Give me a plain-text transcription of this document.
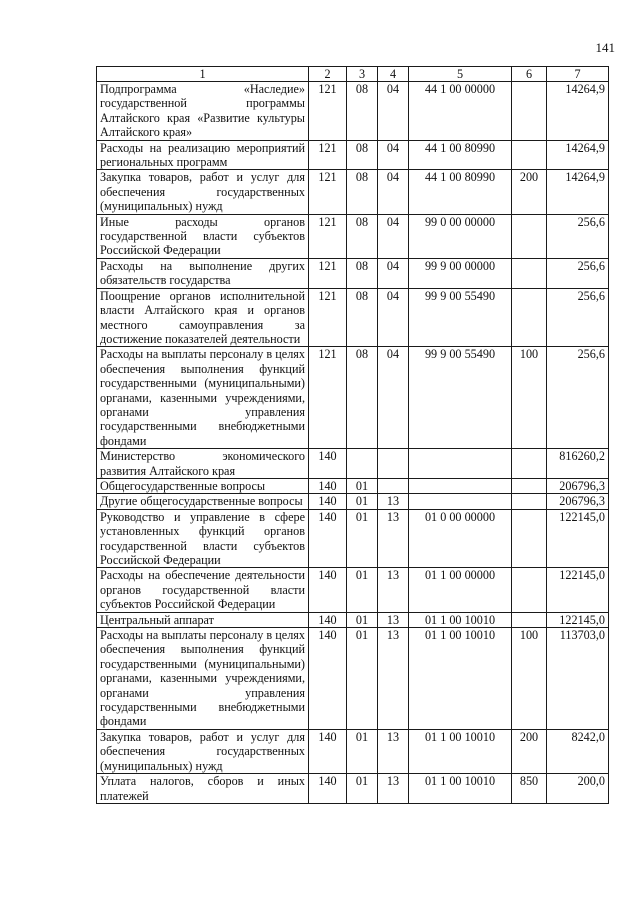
141
1	2	3	4	5	6	7
Подпрограмма «Наследие» государственной программы Алтайского края «Развитие культуры Алтайского края»	121	08	04	44 1 00 00000		14264,9
Расходы на реализацию мероприятий региональных программ	121	08	04	44 1 00 80990		14264,9
Закупка товаров, работ и услуг для обеспечения государственных (муниципальных) нужд	121	08	04	44 1 00 80990	200	14264,9
Иные расходы органов государственной власти субъектов Российской Федерации	121	08	04	99 0 00 00000		256,6
Расходы на выполнение других обязательств государства	121	08	04	99 9 00 00000		256,6
Поощрение органов исполнительной власти Алтайского края и органов местного самоуправления за достижение показателей деятельности	121	08	04	99 9 00 55490		256,6
Расходы на выплаты персоналу в целях обеспечения выполнения функций государственными (муниципальными) органами, казенными учреждениями, органами управления государственными внебюджетными фондами	121	08	04	99 9 00 55490	100	256,6
Министерство экономического развития Алтайского края	140					816260,2
Общегосударственные вопросы	140	01				206796,3
Другие общегосударственные вопросы	140	01	13			206796,3
Руководство и управление в сфере установленных функций органов государственной власти субъектов Российской Федерации	140	01	13	01 0 00 00000		122145,0
Расходы на обеспечение деятельности органов государственной власти субъектов Российской Федерации	140	01	13	01 1 00 00000		122145,0
Центральный аппарат	140	01	13	01 1 00 10010		122145,0
Расходы на выплаты персоналу в целях обеспечения выполнения функций государственными (муниципальными) органами, казенными учреждениями, органами управления государственными внебюджетными фондами	140	01	13	01 1 00 10010	100	113703,0
Закупка товаров, работ и услуг для обеспечения государственных (муниципальных) нужд	140	01	13	01 1 00 10010	200	8242,0
Уплата налогов, сборов и иных платежей	140	01	13	01 1 00 10010	850	200,0
